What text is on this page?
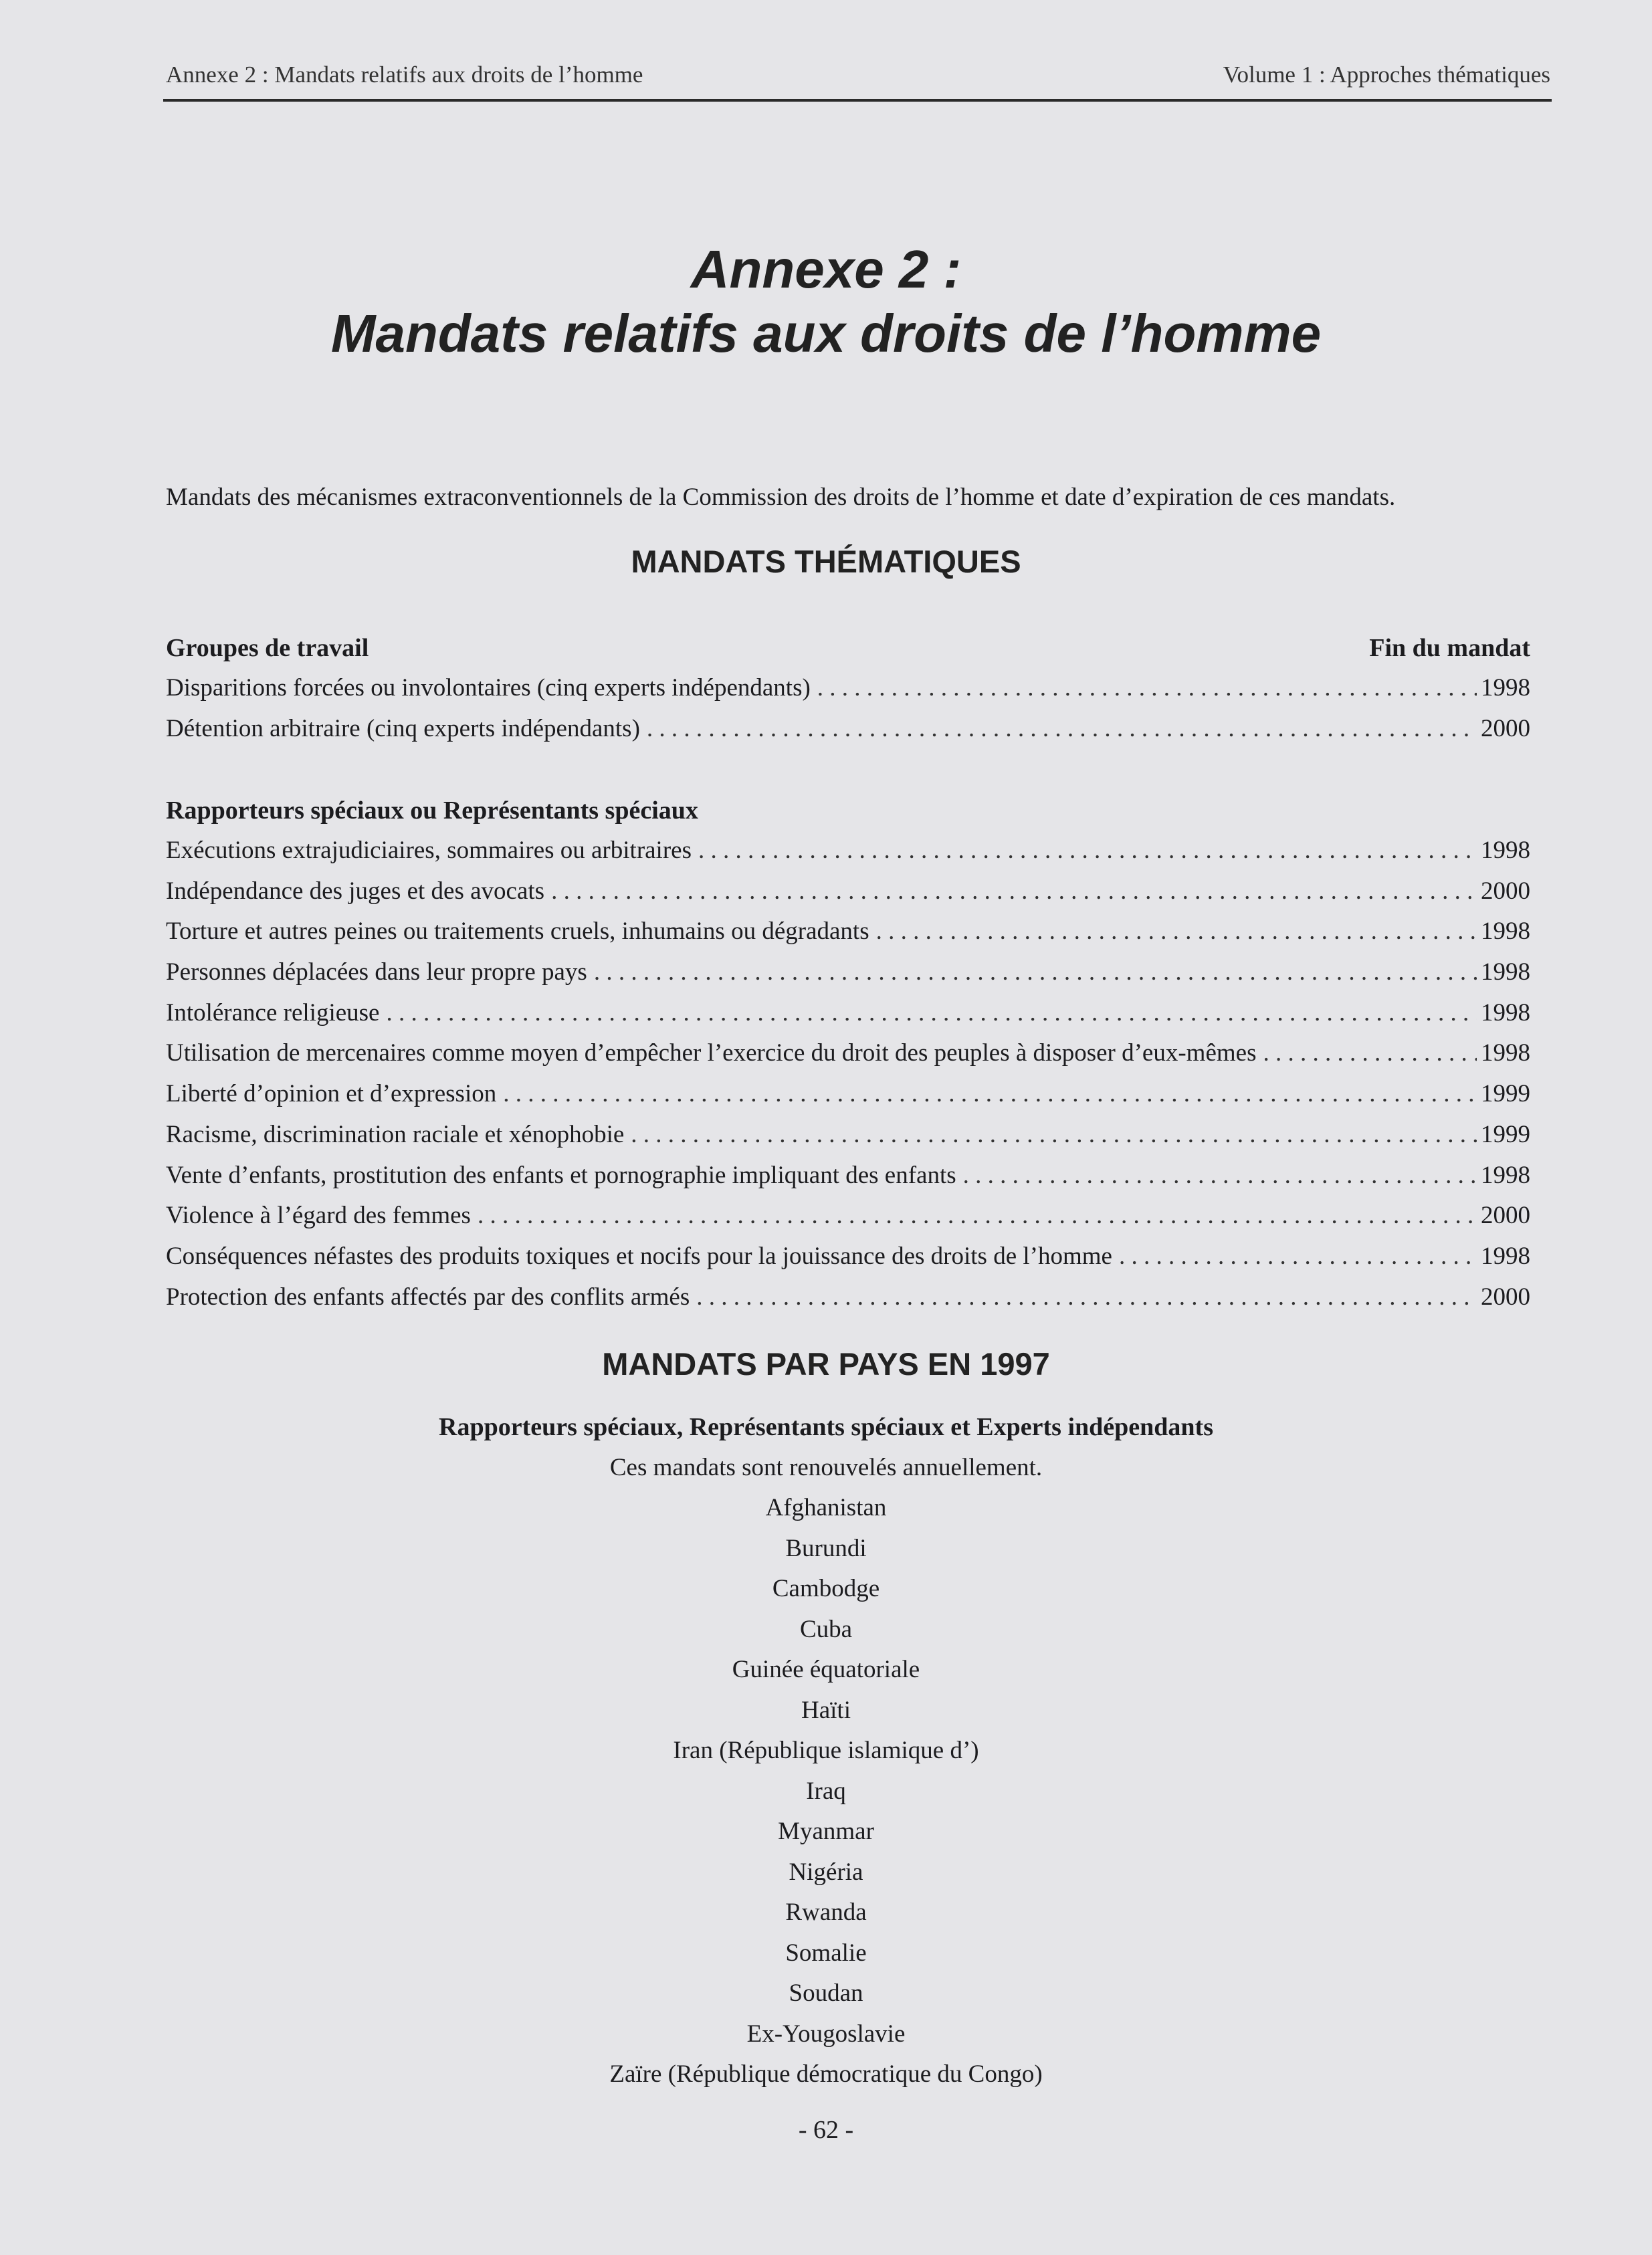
Annexe 2 : Mandats relatifs aux droits de l’homme	Volume 1 : Approches thématiques
Annexe 2 :
Mandats relatifs aux droits de l’homme
Mandats des mécanismes extraconventionnels de la Commission des droits de l’homme et date d’expiration de ces mandats.
MANDATS THÉMATIQUES
Groupes de travail	Fin du mandat
Disparitions forcées ou involontaires (cinq experts indépendants) . . .	1998
Détention arbitraire (cinq experts indépendants) . . .	2000
Rapporteurs spéciaux ou Représentants spéciaux
Exécutions extrajudiciaires, sommaires ou arbitraires . . .	1998
Indépendance des juges et des avocats . . .	2000
Torture et autres peines ou traitements cruels, inhumains ou dégradants . . .	1998
Personnes déplacées dans leur propre pays . . .	1998
Intolérance religieuse . . .	1998
Utilisation de mercenaires comme moyen d’empêcher l’exercice du droit des peuples à disposer d’eux-mêmes . . .	1998
Liberté d’opinion et d’expression . . .	1999
Racisme, discrimination raciale et xénophobie . . .	1999
Vente d’enfants, prostitution des enfants et pornographie impliquant des enfants . . .	1998
Violence à l’égard des femmes . . .	2000
Conséquences néfastes des produits toxiques et nocifs pour la jouissance des droits de l’homme . . .	1998
Protection des enfants affectés par des conflits armés . . .	2000
MANDATS PAR PAYS EN 1997
Rapporteurs spéciaux, Représentants spéciaux et Experts indépendants
Ces mandats sont renouvelés annuellement.
Afghanistan
Burundi
Cambodge
Cuba
Guinée équatoriale
Haïti
Iran (République islamique d’)
Iraq
Myanmar
Nigéria
Rwanda
Somalie
Soudan
Ex-Yougoslavie
Zaïre (République démocratique du Congo)
- 62 -
